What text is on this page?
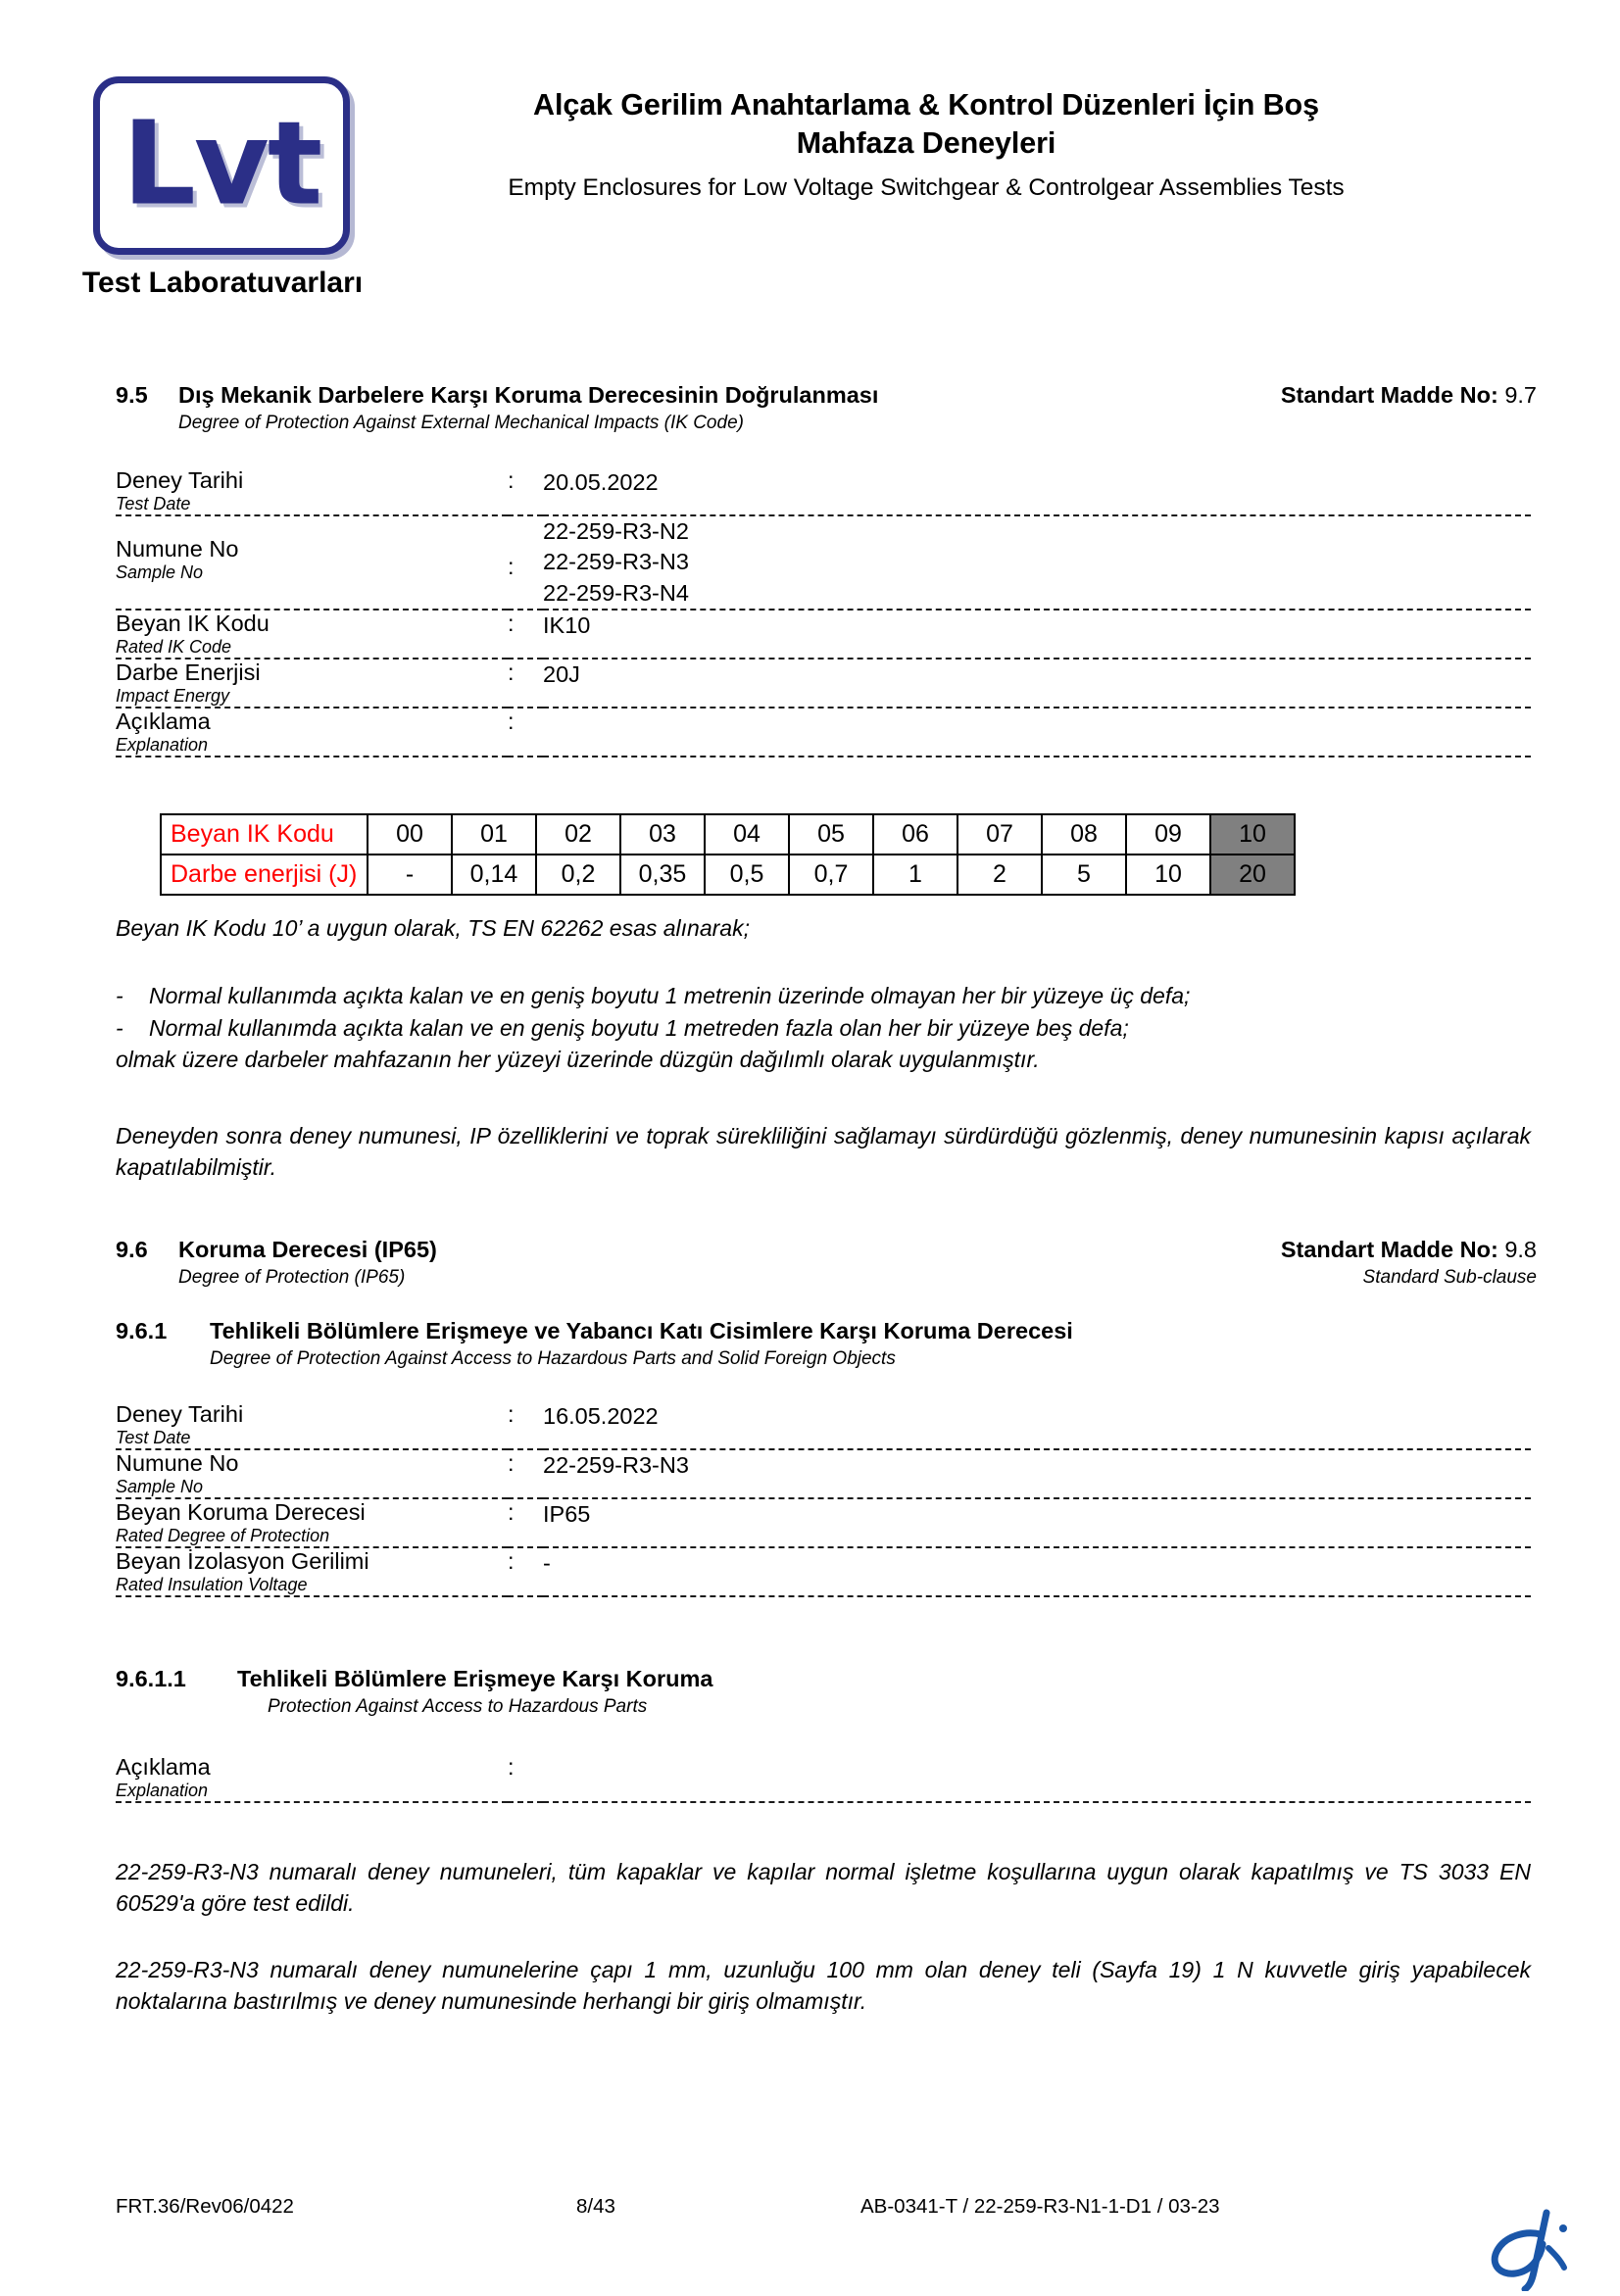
Lvt
Test Laboratuvarları
Alçak Gerilim Anahtarlama & Kontrol Düzenleri İçin Boş
Mahfaza Deneyleri
Empty Enclosures for Low Voltage Switchgear & Controlgear Assemblies Tests
9.5	Dış Mekanik Darbelere Karşı Koruma Derecesinin Doğrulanması	Standart Madde No: 9.7
Degree of Protection Against External Mechanical Impacts (IK Code)
Deney Tarihi
Test Date	:	20.05.2022

Numune No
Sample No	:	
22-259-R3-N2
22-259-R3-N3
22-259-R3-N4

Beyan IK Kodu
Rated IK Code	:	IK10

Darbe Enerjisi
Impact Energy	:	20J

Açıklama
Explanation	:	
Beyan IK Kodu	00	01	02	03	04	05	06	07	08	09	10
Darbe enerjisi (J)	-	0,14	0,2	0,35	0,5	0,7	1	2	5	10	20
Beyan IK Kodu 10’ a uygun olarak, TS EN 62262 esas alınarak;
-	Normal kullanımda açıkta kalan ve en geniş boyutu 1 metrenin üzerinde olmayan her bir yüzeye üç defa;
-	Normal kullanımda açıkta kalan ve en geniş boyutu 1 metreden fazla olan her bir yüzeye beş defa;
olmak üzere darbeler mahfazanın her yüzeyi üzerinde düzgün dağılımlı olarak uygulanmıştır.
Deneyden sonra deney numunesi, IP özelliklerini ve toprak sürekliliğini sağlamayı sürdürdüğü gözlenmiş, deney numunesinin kapısı açılarak kapatılabilmiştir.
9.6	Koruma Derecesi (IP65)	Standart Madde No: 9.8
Degree of Protection (IP65)	Standard Sub-clause
9.6.1	Tehlikeli Bölümlere Erişmeye ve Yabancı Katı Cisimlere Karşı Koruma Derecesi
Degree of Protection Against Access to Hazardous Parts and Solid Foreign Objects
Deney Tarihi
Test Date	:	16.05.2022

Numune No
Sample No	:	22-259-R3-N3

Beyan Koruma Derecesi
Rated Degree of Protection	:	IP65

Beyan İzolasyon Gerilimi
Rated Insulation Voltage	:	-
9.6.1.1	Tehlikeli Bölümlere Erişmeye Karşı Koruma
Protection Against Access to Hazardous Parts
Açıklama
Explanation
	:	
22-259-R3-N3 numaralı deney numuneleri, tüm kapaklar ve kapılar normal işletme koşullarına uygun olarak kapatılmış ve TS 3033 EN 60529'a göre test edildi.
22-259-R3-N3 numaralı deney numunelerine çapı 1 mm, uzunluğu 100 mm olan deney teli (Sayfa 19) 1 N kuvvetle giriş yapabilecek noktalarına bastırılmış ve deney numunesinde herhangi bir giriş olmamıştır.
FRT.36/Rev06/0422	8/43	AB-0341-T / 22-259-R3-N1-1-D1 / 03-23
